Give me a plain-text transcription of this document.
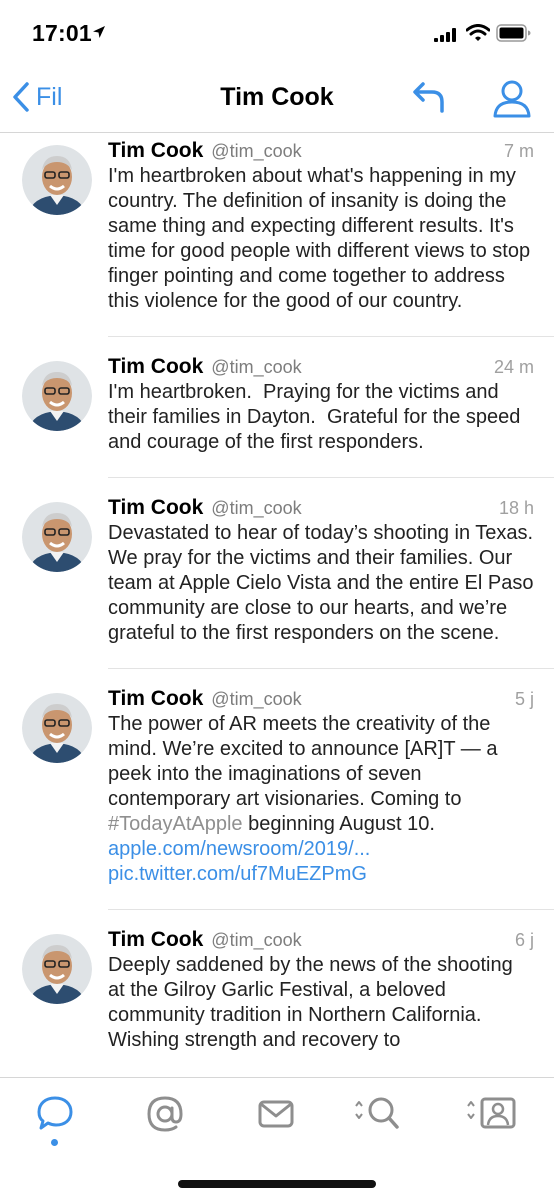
17:01
Fil	Tim Cook
Tim Cook @tim_cook	7 m
I'm heartbroken about what's happening in my country. The definition of insanity is doing the same thing and expecting different results. It's time for good people with different views to stop finger pointing and come together to address this violence for the good of our country.
Tim Cook @tim_cook	24 m
I'm heartbroken.  Praying for the victims and their families in Dayton.  Grateful for the speed and courage of the first responders.
Tim Cook @tim_cook	18 h
Devastated to hear of today’s shooting in Texas. We pray for the victims and their families. Our team at Apple Cielo Vista and the entire El Paso community are close to our hearts, and we’re grateful to the first responders on the scene.
Tim Cook @tim_cook	5 j
The power of AR meets the creativity of the mind. We’re excited to announce [AR]T — a peek into the imaginations of seven contemporary art visionaries. Coming to #TodayAtApple beginning August 10.
apple.com/newsroom/2019/...
pic.twitter.com/uf7MuEZPmG
Tim Cook @tim_cook	6 j
Deeply saddened by the news of the shooting at the Gilroy Garlic Festival, a beloved community tradition in Northern California. Wishing strength and recovery to
